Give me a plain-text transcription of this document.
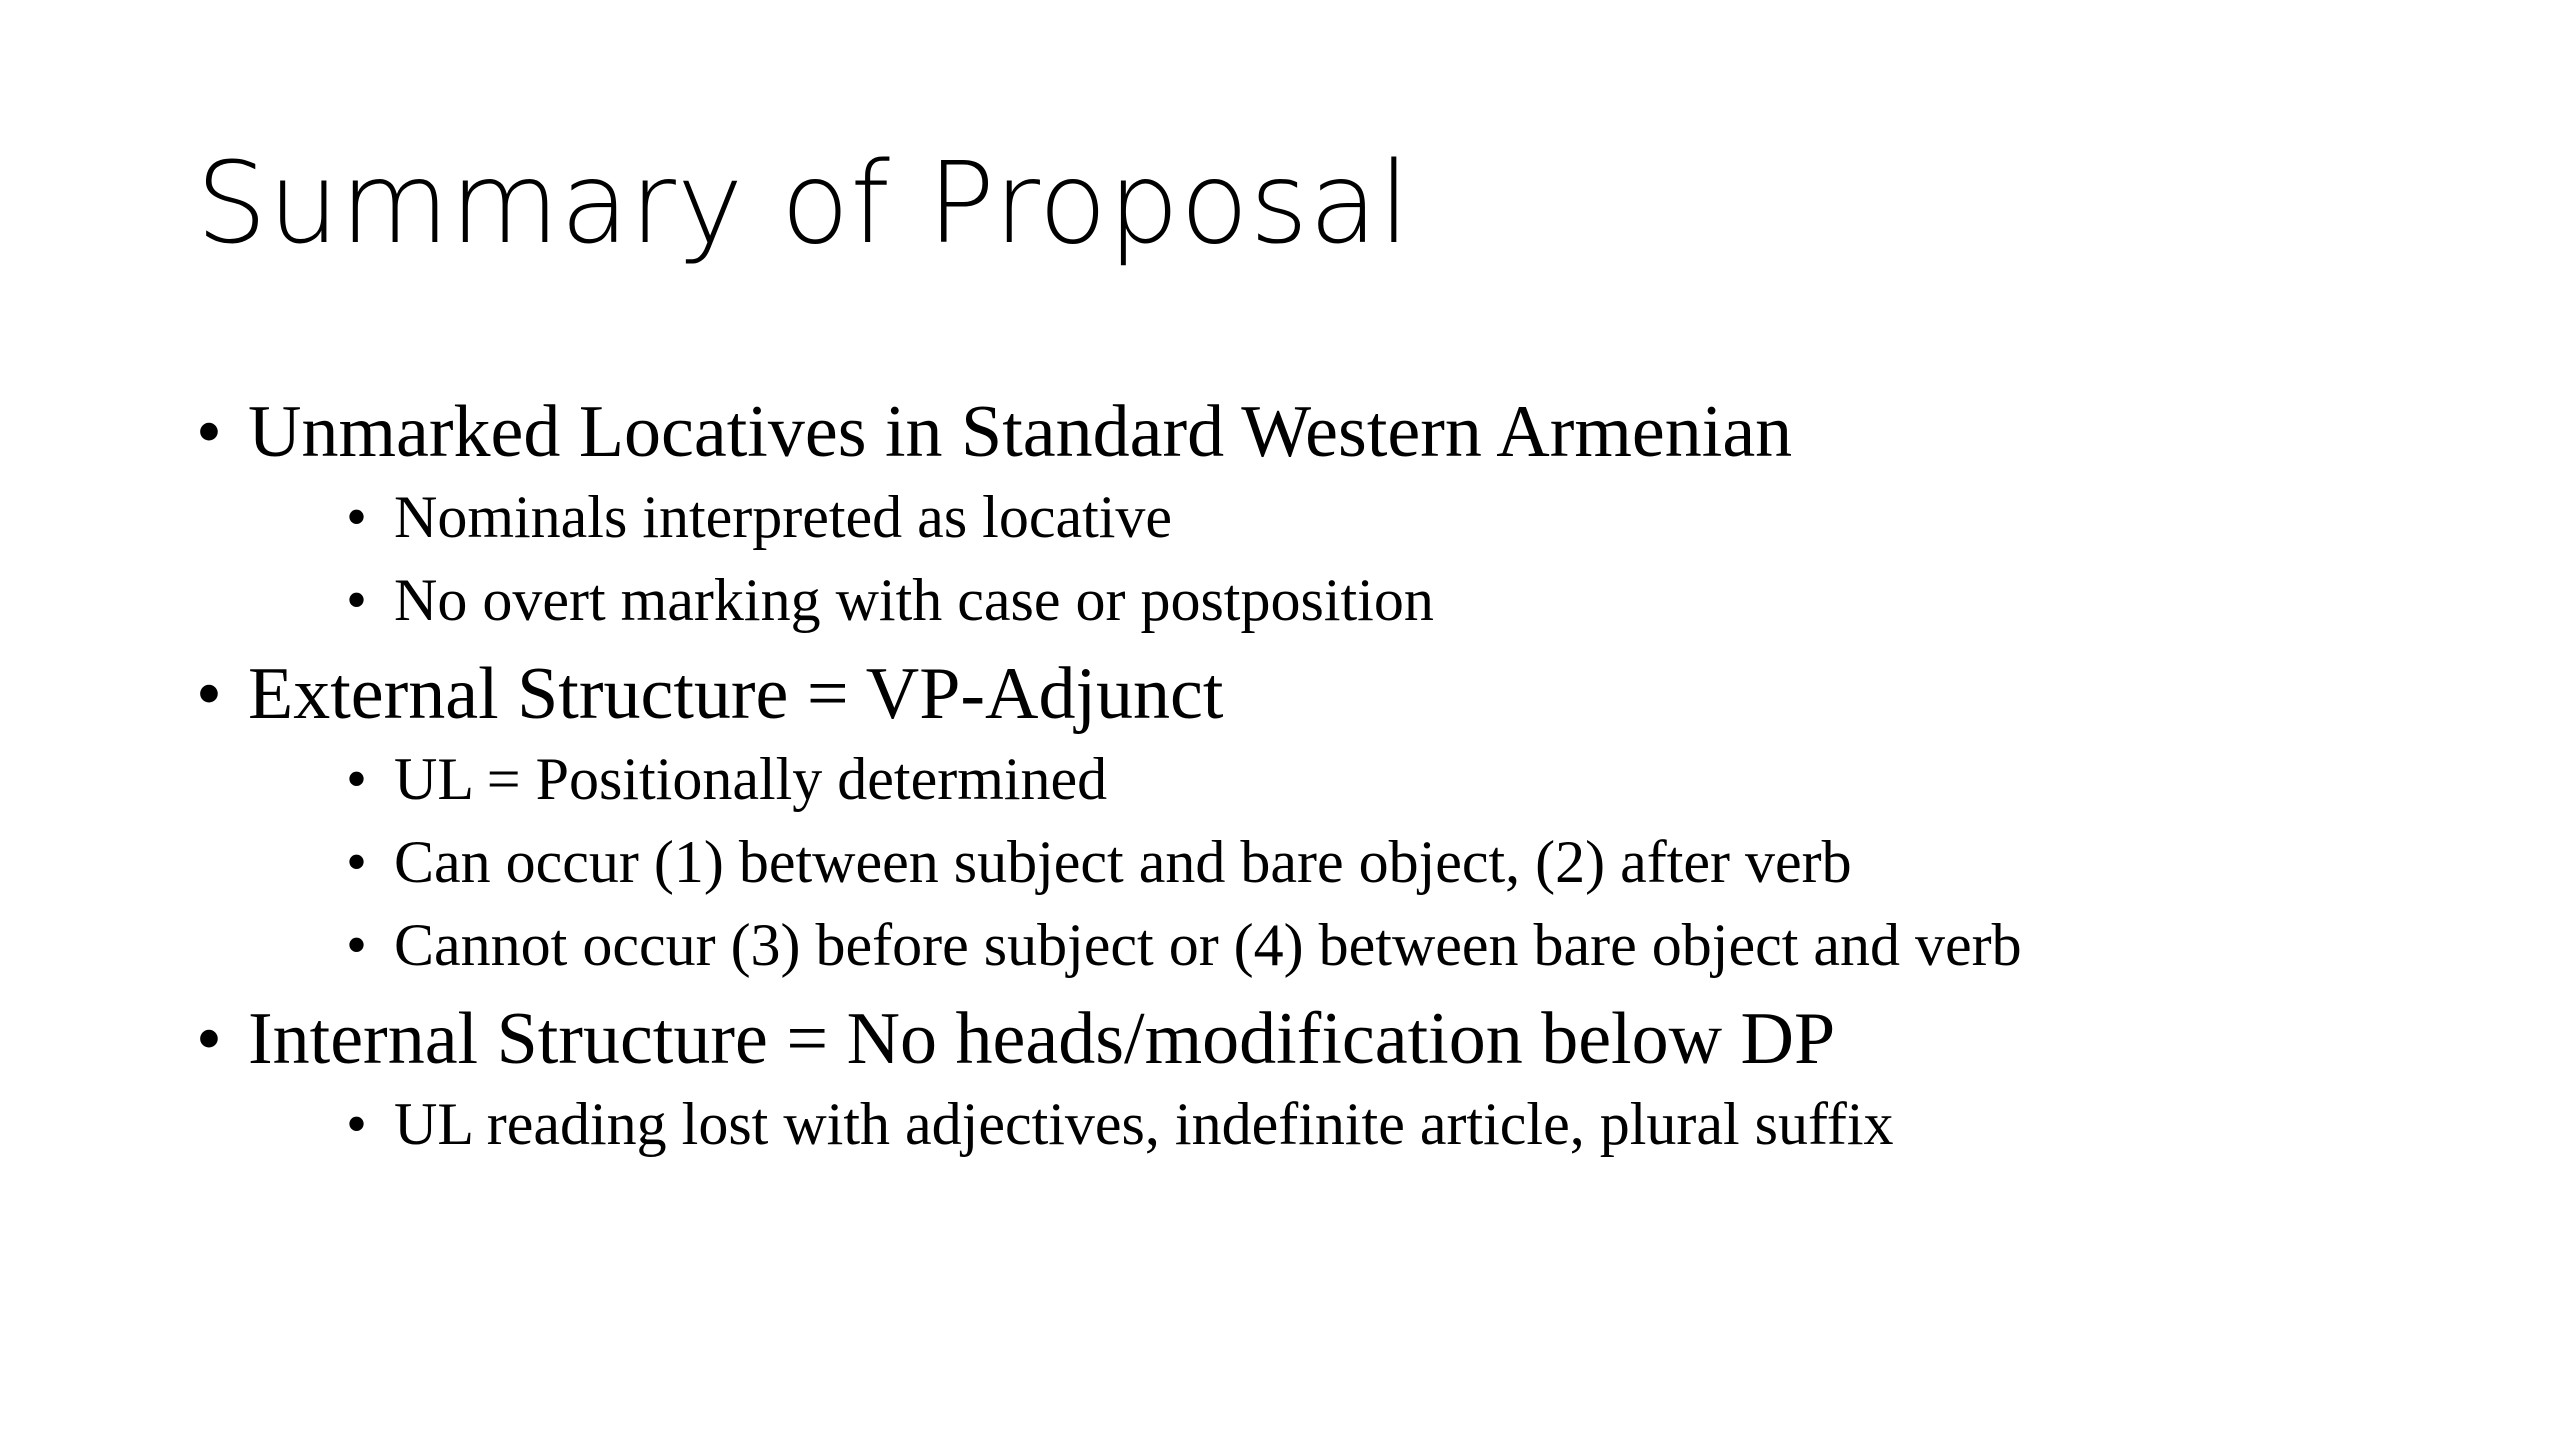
Summary of Proposal
• Unmarked Locatives in Standard Western Armenian
• Nominals interpreted as locative
• No overt marking with case or postposition
• External Structure = VP-Adjunct
• UL = Positionally determined
• Can occur (1) between subject and bare object, (2) after verb
• Cannot occur (3) before subject or (4) between bare object and verb
• Internal Structure = No heads/modification below DP
• UL reading lost with adjectives, indefinite article, plural suffix
